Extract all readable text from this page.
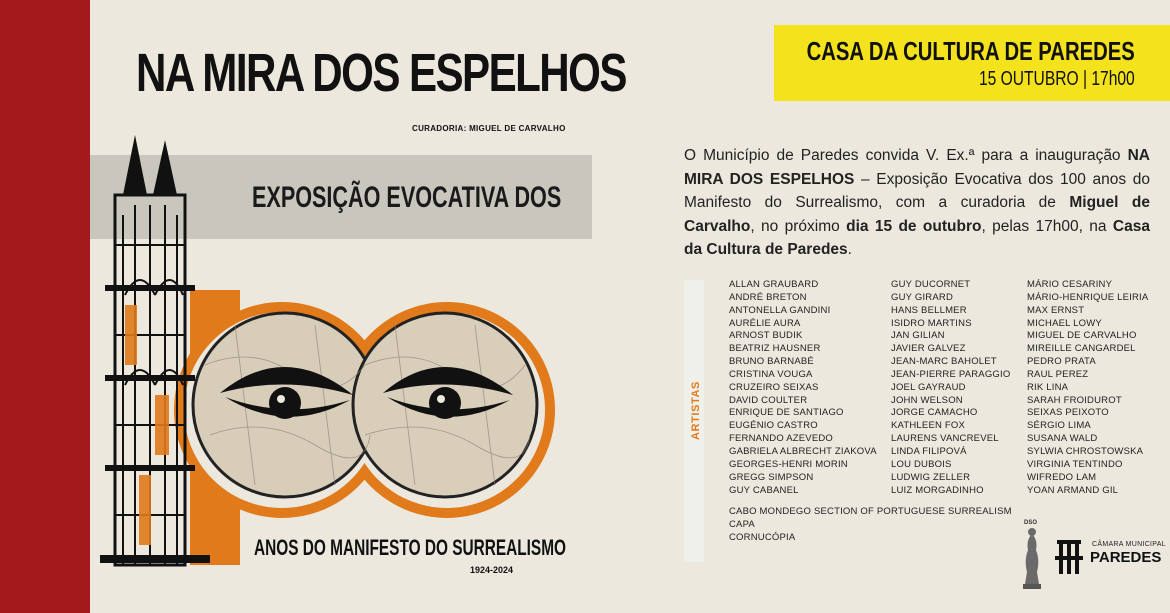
NA MIRA DOS ESPELHOS
CURADORIA: MIGUEL DE CARVALHO
EXPOSIÇÃO EVOCATIVA DOS
ANOS DO MANIFESTO DO SURREALISMO
1924-2024
CASA DA CULTURA DE PAREDES
15 OUTUBRO | 17h00
O Município de Paredes convida V. Ex.ª para a inauguração NA MIRA DOS ESPELHOS – Exposição Evocativa dos 100 anos do Manifesto do Surrealismo, com a curadoria de Miguel de Carvalho, no próximo dia 15 de outubro, pelas 17h00, na Casa da Cultura de Paredes.
ARTISTAS
ALLAN GRAUBARD
ANDRÉ BRETON
ANTONELLA GANDINI
AURÉLIE AURA
ARNOST BUDIK
BEATRIZ HAUSNER
BRUNO BARNABÉ
CRISTINA VOUGA
CRUZEIRO SEIXAS
DAVID COULTER
ENRIQUE DE SANTIAGO
EUGÉNIO CASTRO
FERNANDO AZEVEDO
GABRIELA ALBRECHT ZIAKOVA
GEORGES-HENRI MORIN
GREGG SIMPSON
GUY CABANEL
GUY DUCORNET
GUY GIRARD
HANS BELLMER
ISIDRO MARTINS
JAN GILIAN
JAVIER GALVEZ
JEAN-MARC BAHOLET
JEAN-PIERRE PARAGGIO
JOEL GAYRAUD
JOHN WELSON
JORGE CAMACHO
KATHLEEN FOX
LAURENS VANCREVEL
LINDA FILIPOVÁ
LOU DUBOIS
LUDWIG ZELLER
LUIZ MORGADINHO
MÁRIO CESARINY
MÁRIO-HENRIQUE LEIRIA
MAX ERNST
MICHAEL LOWY
MIGUEL DE CARVALHO
MIREILLE CANGARDEL
PEDRO PRATA
RAUL PEREZ
RIK LINA
SARAH FROIDUROT
SEIXAS PEIXOTO
SÉRGIO LIMA
SUSANA WALD
SYLWIA CHROSTOWSKA
VIRGINIA TENTINDO
WIFREDO LAM
YOAN ARMAND GIL
CABO MONDEGO SECTION OF PORTUGUESE SURREALISM
CAPA
CORNUCÓPIA
DSO
CÂMARA MUNICIPAL
PAREDES
